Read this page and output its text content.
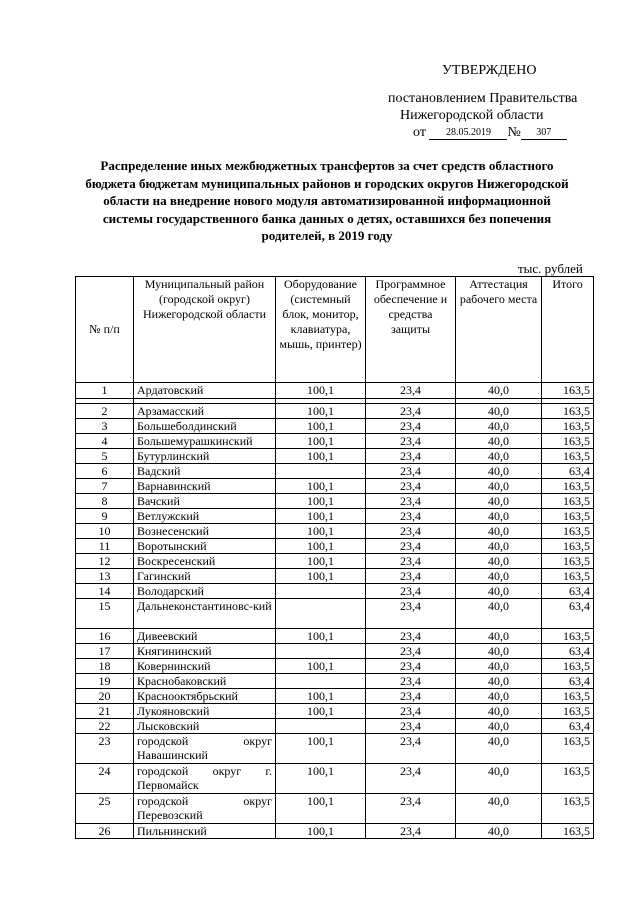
УТВЕРЖДЕНО
постановлением Правительства
Нижегородской области
от 28.05.2019 № 307
Распределение иных межбюджетных трансфертов за счет средств областного бюджета бюджетам муниципальных районов и городских округов Нижегородской области на внедрение нового модуля автоматизированной информационной системы государственного банка данных о детях, оставшихся без попечения родителей, в 2019 году
тыс. рублей
№ п/п	Муниципальный район (городской округ) Нижегородской области	Оборудование (системный блок, монитор, клавиатура, мышь, принтер)	Программное обеспечение и средства защиты	Аттестация рабочего места	Итого
1	Ардатовский	100,1	23,4	40,0	163,5

2	Арзамасский	100,1	23,4	40,0	163,5
3	Большеболдинский	100,1	23,4	40,0	163,5
4	Большемурашкинский	100,1	23,4	40,0	163,5
5	Бутурлинский	100,1	23,4	40,0	163,5
6	Вадский		23,4	40,0	63,4
7	Варнавинский	100,1	23,4	40,0	163,5
8	Вачский	100,1	23,4	40,0	163,5
9	Ветлужский	100,1	23,4	40,0	163,5
10	Вознесенский	100,1	23,4	40,0	163,5
11	Воротынский	100,1	23,4	40,0	163,5
12	Воскресенский	100,1	23,4	40,0	163,5
13	Гагинский	100,1	23,4	40,0	163,5
14	Володарский		23,4	40,0	63,4
15	Дальнеконстантиновс-кий		23,4	40,0	63,4
16	Дивеевский	100,1	23,4	40,0	163,5
17	Княгининский		23,4	40,0	63,4
18	Ковернинский	100,1	23,4	40,0	163,5
19	Краснобаковский		23,4	40,0	63,4
20	Краснооктябрьский	100,1	23,4	40,0	163,5
21	Лукояновский	100,1	23,4	40,0	163,5
22	Лысковский		23,4	40,0	63,4
23	городской округ Навашинский	100,1	23,4	40,0	163,5
24	городской округ г. Первомайск	100,1	23,4	40,0	163,5
25	городской округ Перевозский	100,1	23,4	40,0	163,5
26	Пильнинский	100,1	23,4	40,0	163,5
